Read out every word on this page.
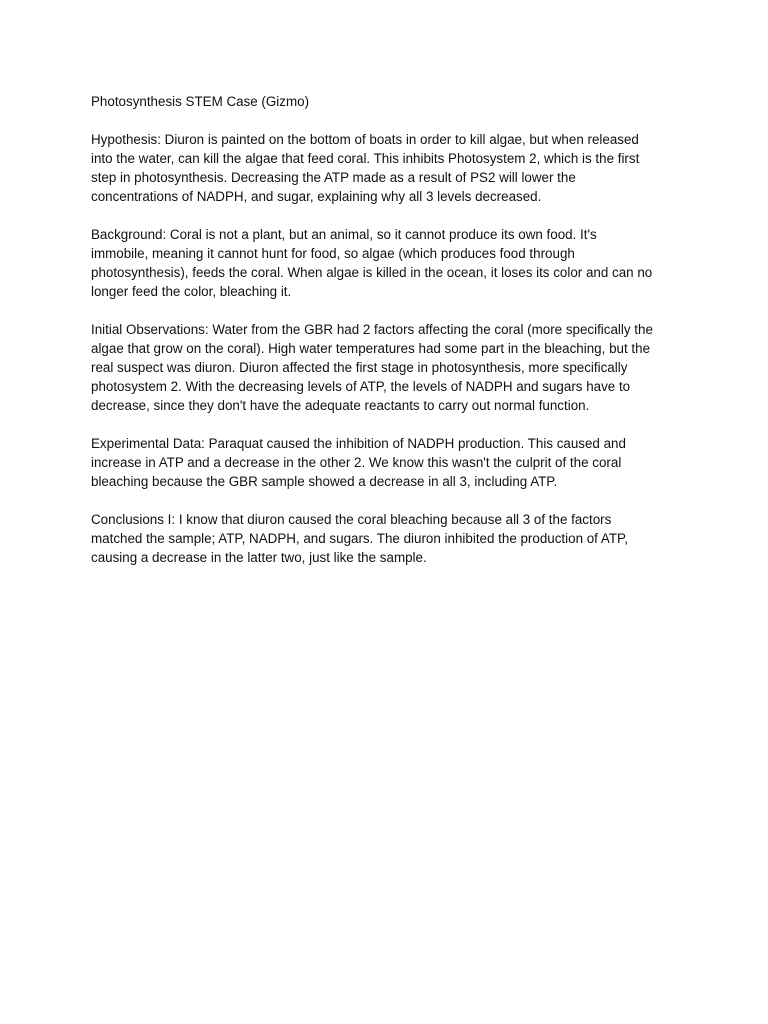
Photosynthesis STEM Case (Gizmo)

Hypothesis: Diuron is painted on the bottom of boats in order to kill algae, but when released
into the water, can kill the algae that feed coral. This inhibits Photosystem 2, which is the first
step in photosynthesis. Decreasing the ATP made as a result of PS2 will lower the
concentrations of NADPH, and sugar, explaining why all 3 levels decreased.

Background: Coral is not a plant, but an animal, so it cannot produce its own food. It's
immobile, meaning it cannot hunt for food, so algae (which produces food through
photosynthesis), feeds the coral. When algae is killed in the ocean, it loses its color and can no
longer feed the color, bleaching it.

Initial Observations: Water from the GBR had 2 factors affecting the coral (more specifically the
algae that grow on the coral). High water temperatures had some part in the bleaching, but the
real suspect was diuron. Diuron affected the first stage in photosynthesis, more specifically
photosystem 2. With the decreasing levels of ATP, the levels of NADPH and sugars have to
decrease, since they don't have the adequate reactants to carry out normal function.

Experimental Data: Paraquat caused the inhibition of NADPH production. This caused and
increase in ATP and a decrease in the other 2. We know this wasn't the culprit of the coral
bleaching because the GBR sample showed a decrease in all 3, including ATP.

Conclusions I: I know that diuron caused the coral bleaching because all 3 of the factors
matched the sample; ATP, NADPH, and sugars. The diuron inhibited the production of ATP,
causing a decrease in the latter two, just like the sample.
